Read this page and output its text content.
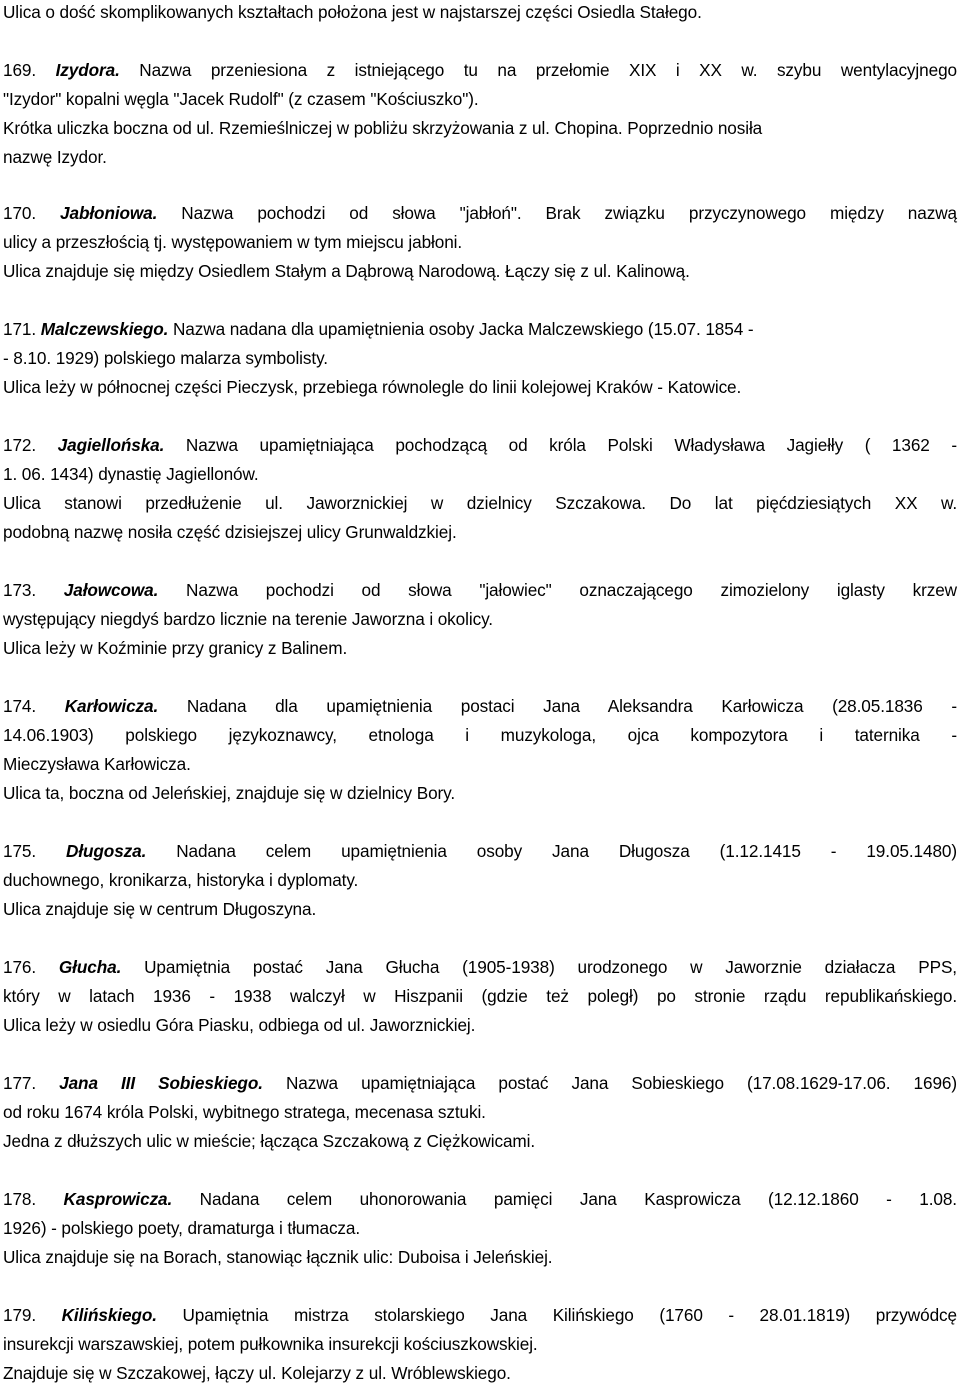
Ulica o dość skomplikowanych kształtach położona jest w najstarszej części Osiedla Stałego.
169. Izydora. Nazwa przeniesiona z istniejącego tu na przełomie XIX i XX w. szybu wentylacyjnego
"Izydor" kopalni węgla "Jacek Rudolf" (z czasem "Kościuszko").
Krótka uliczka boczna od ul. Rzemieślniczej w pobliżu skrzyżowania z ul. Chopina. Poprzednio nosiła
nazwę Izydor.
170. Jabłoniowa. Nazwa pochodzi od słowa "jabłoń". Brak związku przyczynowego między nazwą
ulicy a przeszłością tj. występowaniem w tym miejscu jabłoni.
Ulica znajduje się między Osiedlem Stałym a Dąbrową Narodową. Łączy się z ul. Kalinową.
171. Malczewskiego. Nazwa nadana dla upamiętnienia osoby Jacka Malczewskiego (15.07. 1854 -
- 8.10. 1929) polskiego malarza symbolisty.
Ulica leży w północnej części Pieczysk, przebiega równolegle do linii kolejowej Kraków - Katowice.
172. Jagiellońska. Nazwa upamiętniająca pochodzącą od króla Polski Władysława Jagiełły ( 1362 -
1. 06. 1434) dynastię Jagiellonów.
Ulica stanowi przedłużenie ul. Jaworznickiej w dzielnicy Szczakowa. Do lat pięćdziesiątych XX w.
podobną nazwę nosiła część dzisiejszej ulicy Grunwaldzkiej.
173. Jałowcowa. Nazwa pochodzi od słowa "jałowiec" oznaczającego zimozielony iglasty krzew
występujący niegdyś bardzo licznie na terenie Jaworzna i okolicy.
Ulica leży w Koźminie przy granicy z Balinem.
174. Karłowicza. Nadana dla upamiętnienia postaci Jana Aleksandra Karłowicza (28.05.1836 -
14.06.1903) polskiego językoznawcy, etnologa i muzykologa, ojca kompozytora i taternika -
Mieczysława Karłowicza.
Ulica ta, boczna od Jeleńskiej, znajduje się w dzielnicy Bory.
175. Długosza. Nadana celem upamiętnienia osoby Jana Długosza (1.12.1415 - 19.05.1480)
duchownego, kronikarza, historyka i dyplomaty.
Ulica znajduje się w centrum Długoszyna.
176. Głucha. Upamiętnia postać Jana Głucha (1905-1938) urodzonego w Jaworznie działacza PPS,
który w latach 1936 - 1938 walczył w Hiszpanii (gdzie też poległ) po stronie rządu republikańskiego.
Ulica leży w osiedlu Góra Piasku, odbiega od ul. Jaworznickiej.
177. Jana III Sobieskiego. Nazwa upamiętniająca postać Jana Sobieskiego (17.08.1629-17.06. 1696)
od roku 1674 króla Polski, wybitnego stratega, mecenasa sztuki.
Jedna z dłuższych ulic w mieście; łącząca Szczakową z Ciężkowicami.
178. Kasprowicza. Nadana celem uhonorowania pamięci Jana Kasprowicza (12.12.1860 - 1.08.
1926) - polskiego poety, dramaturga i tłumacza.
Ulica znajduje się na Borach, stanowiąc łącznik ulic: Duboisa i Jeleńskiej.
179. Kilińskiego. Upamiętnia mistrza stolarskiego Jana Kilińskiego (1760 - 28.01.1819) przywódcę
insurekcji warszawskiej, potem pułkownika insurekcji kościuszkowskiej.
Znajduje się w Szczakowej, łączy ul. Kolejarzy z ul. Wróblewskiego.
